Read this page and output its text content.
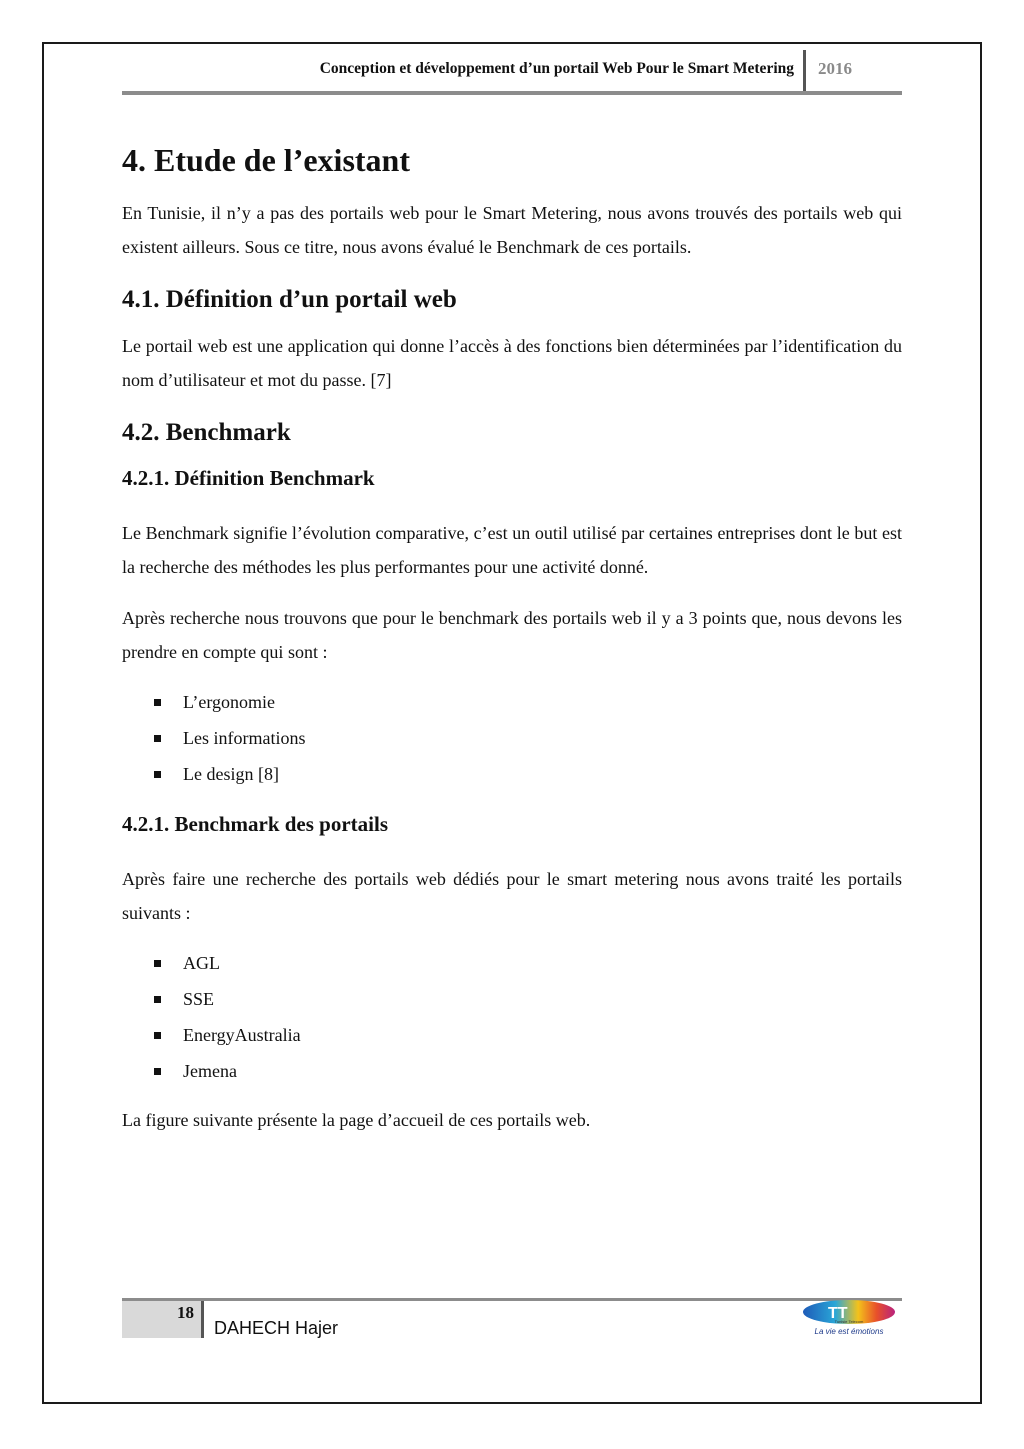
Conception et développement d’un portail Web Pour le Smart Metering 2016
4. Etude de l’existant

En Tunisie, il n’y a pas des portails web pour le Smart Metering, nous avons trouvés des portails web qui existent ailleurs. Sous ce titre, nous avons évalué le Benchmark de ces portails.

4.1. Définition d’un portail web

Le portail web est une application qui donne l’accès à des fonctions bien déterminées par l’identification du nom d’utilisateur et mot du passe. [7]

4.2. Benchmark
4.2.1. Définition Benchmark

Le Benchmark signifie l’évolution comparative, c’est un outil utilisé par certaines entreprises dont le but est la recherche des méthodes les plus performantes pour une activité donné.

Après recherche nous trouvons que pour le benchmark des portails web il y a 3 points que, nous devons les prendre en compte qui sont :

L’ergonomie
Les informations
Le design [8]
4.2.1. Benchmark des portails

Après faire une recherche des portails web dédiés pour le smart metering nous avons traité les portails suivants :

AGL
SSE
EnergyAustralia
Jemena

La figure suivante présente la page d’accueil de ces portails web.

18
DAHECH Hajer
TT
Tunisie Telecom
La vie est émotions
